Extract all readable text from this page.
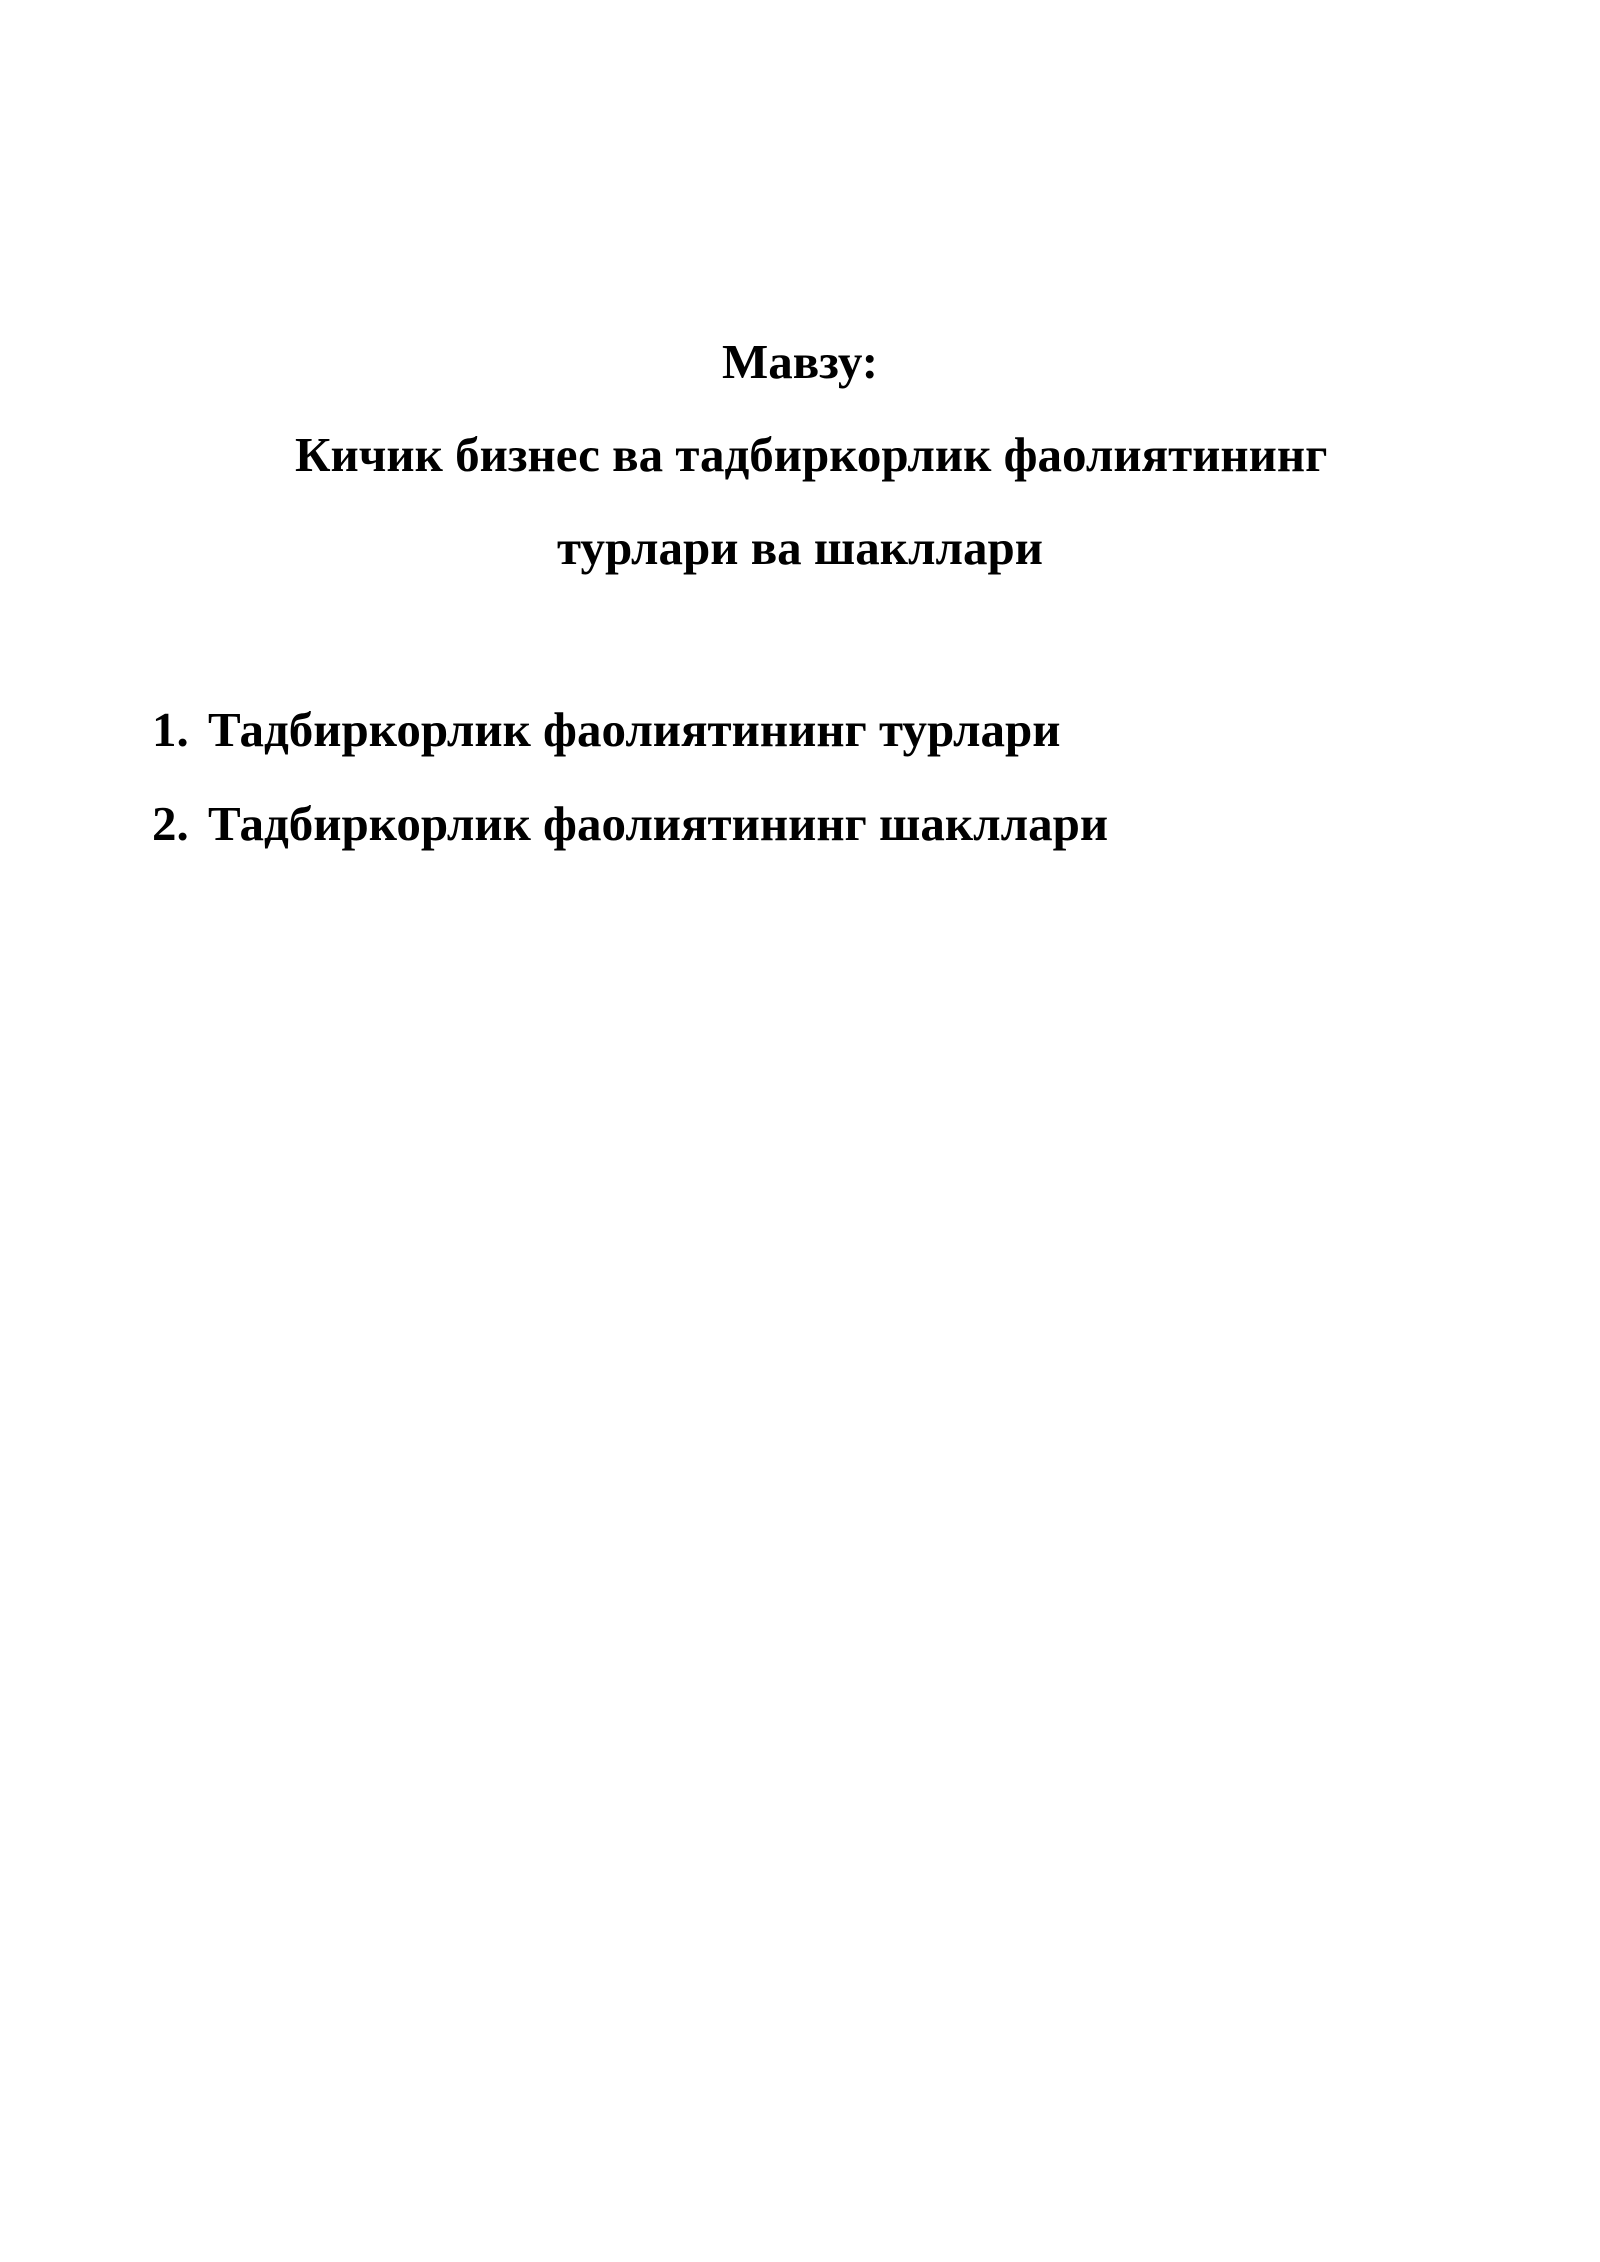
Мавзу:
Кичик бизнес ва тадбиркорлик фаолиятининг
турлари ва шакллари
1. Тадбиркорлик фаолиятининг турлари
2. Тадбиркорлик фаолиятининг шакллари
